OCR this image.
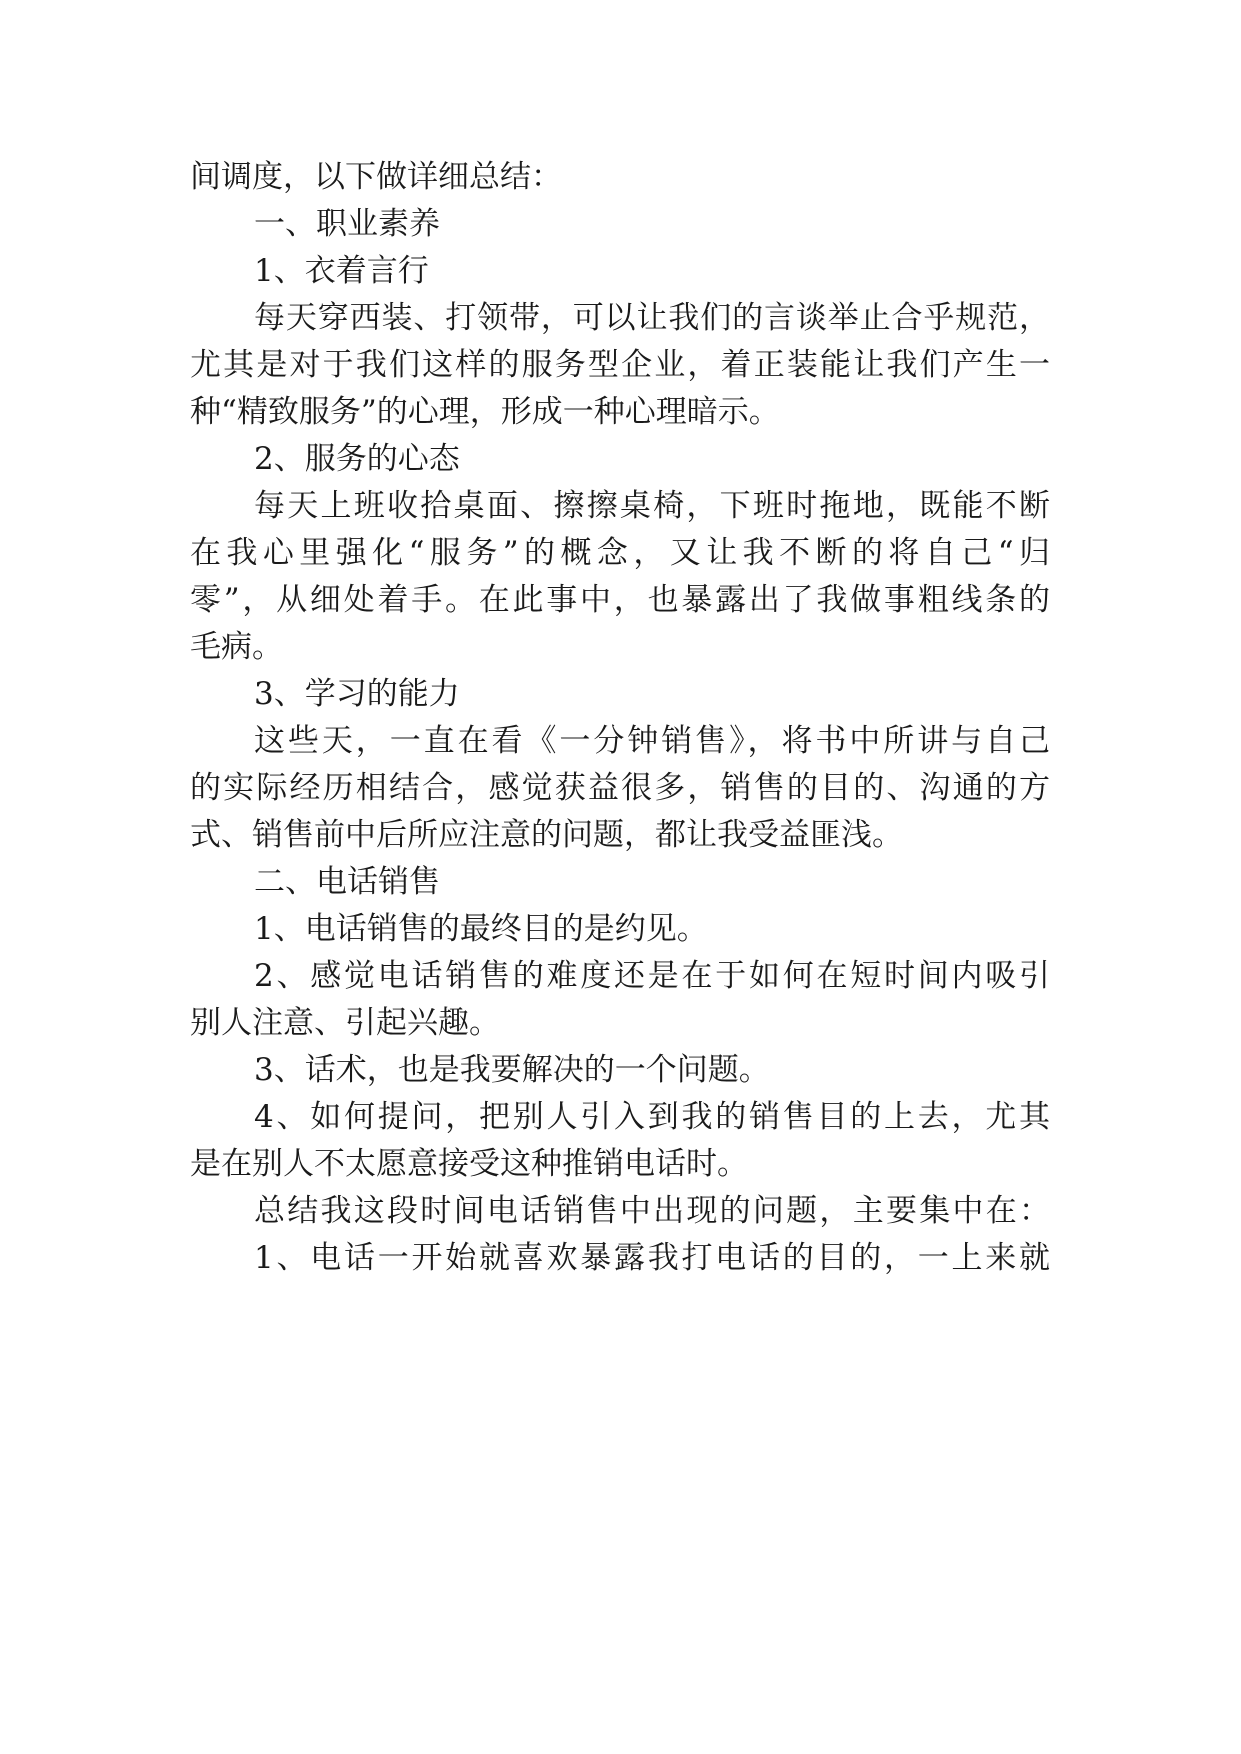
间调度，以下做详细总结：
一、职业素养
1、衣着言行
每天穿西装、打领带，可以让我们的言谈举止合乎规范，
尤其是对于我们这样的服务型企业，着正装能让我们产生一
种“精致服务”的心理，形成一种心理暗示。
2、服务的心态
每天上班收拾桌面、擦擦桌椅，下班时拖地，既能不断
在我心里强化“服务”的概念，又让我不断的将自己“归
零”，从细处着手。在此事中，也暴露出了我做事粗线条的
毛病。
3、学习的能力
这些天，一直在看《一分钟销售》，将书中所讲与自己
的实际经历相结合，感觉获益很多，销售的目的、沟通的方
式、销售前中后所应注意的问题，都让我受益匪浅。
二、电话销售
1、电话销售的最终目的是约见。
2、感觉电话销售的难度还是在于如何在短时间内吸引
别人注意、引起兴趣。
3、话术，也是我要解决的一个问题。
4、如何提问，把别人引入到我的销售目的上去，尤其
是在别人不太愿意接受这种推销电话时。
总结我这段时间电话销售中出现的问题，主要集中在：
1、电话一开始就喜欢暴露我打电话的目的，一上来就
